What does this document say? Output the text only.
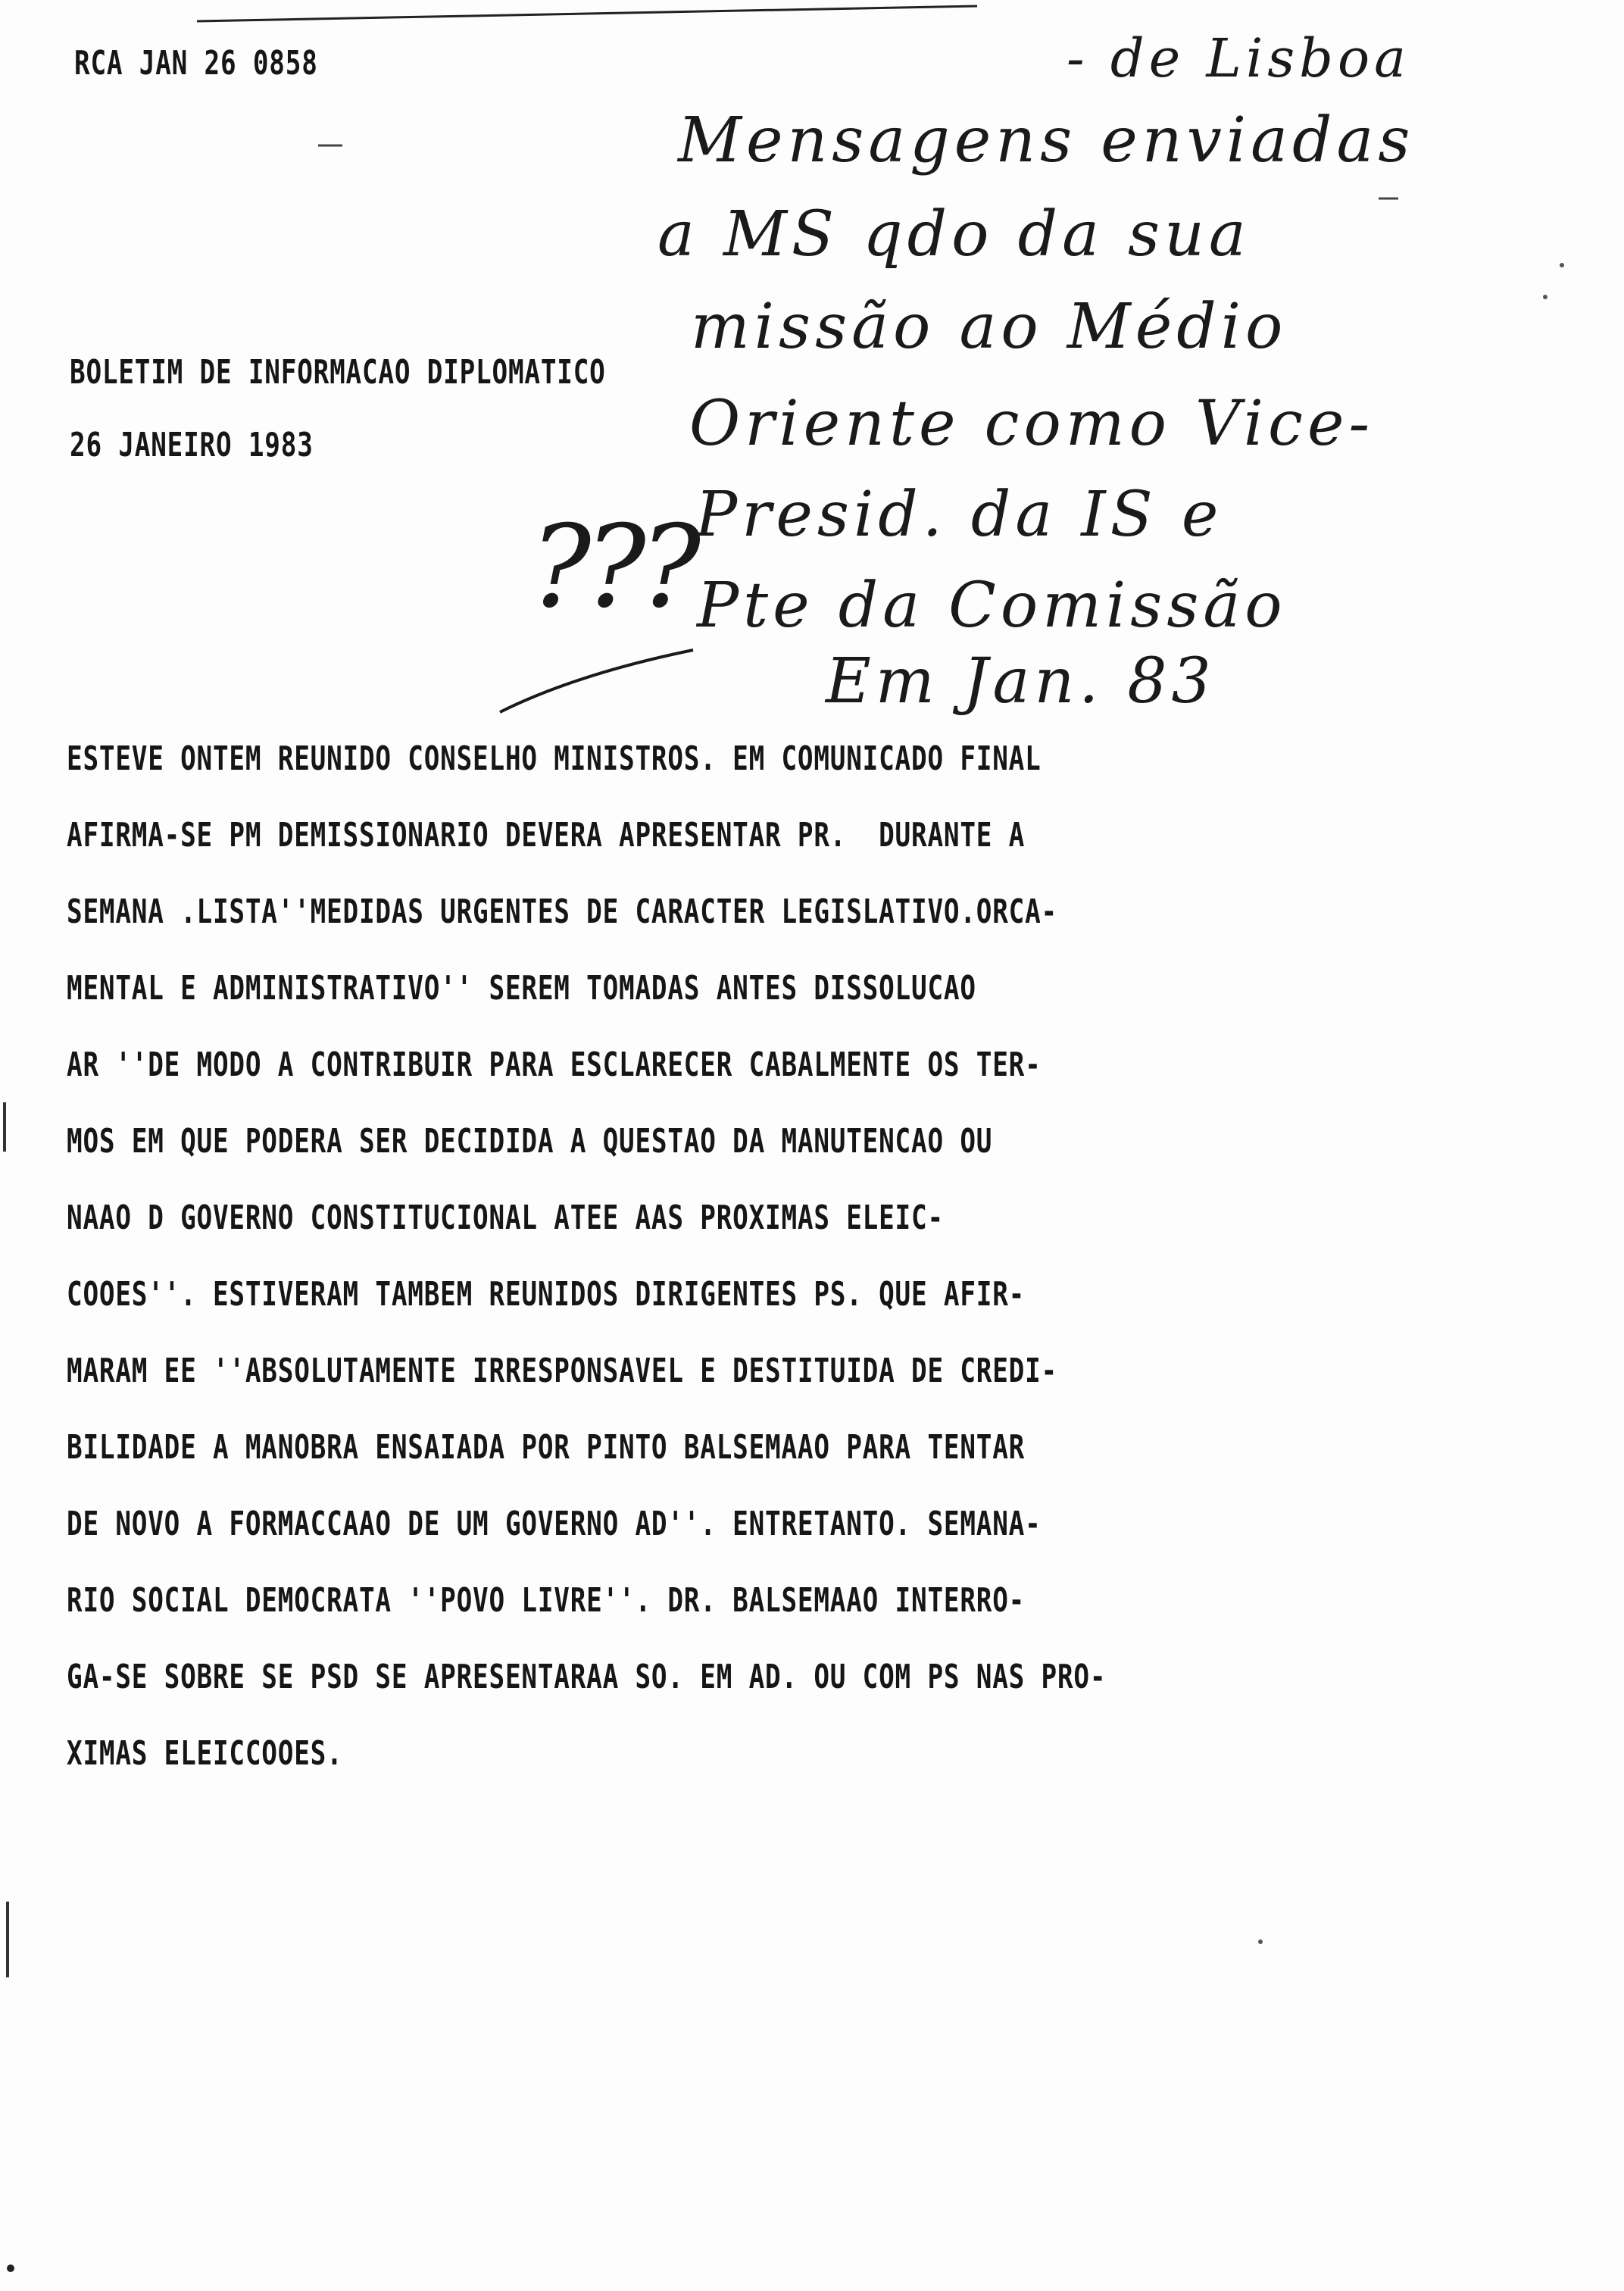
RCA JAN 26 0858
BOLETIM DE INFORMACAO DIPLOMATICO
26 JANEIRO 1983
- de Lisboa
Mensagens enviadas
a MS qdo da sua
missão ao Médio
Oriente como Vice-
??? Presid. da IS e
Pte da Comissão
Em Jan. 83

ESTEVE ONTEM REUNIDO CONSELHO MINISTROS. EM COMUNICADO FINAL

AFIRMA-SE PM DEMISSIONARIO DEVERA APRESENTAR PR.  DURANTE A

SEMANA .LISTA''MEDIDAS URGENTES DE CARACTER LEGISLATIVO.ORCA-

MENTAL E ADMINISTRATIVO'' SEREM TOMADAS ANTES DISSOLUCAO

AR ''DE MODO A CONTRIBUIR PARA ESCLARECER CABALMENTE OS TER-

MOS EM QUE PODERA SER DECIDIDA A QUESTAO DA MANUTENCAO OU

NAAO D GOVERNO CONSTITUCIONAL ATEE AAS PROXIMAS ELEIC-

COOES''. ESTIVERAM TAMBEM REUNIDOS DIRIGENTES PS. QUE AFIR-

MARAM EE ''ABSOLUTAMENTE IRRESPONSAVEL E DESTITUIDA DE CREDI-

BILIDADE A MANOBRA ENSAIADA POR PINTO BALSEMAAO PARA TENTAR

DE NOVO A FORMACCAAO DE UM GOVERNO AD''. ENTRETANTO. SEMANA-

RIO SOCIAL DEMOCRATA ''POVO LIVRE''. DR. BALSEMAAO INTERRO-

GA-SE SOBRE SE PSD SE APRESENTARAA SO. EM AD. OU COM PS NAS PRO-

XIMAS ELEICCOOES.
